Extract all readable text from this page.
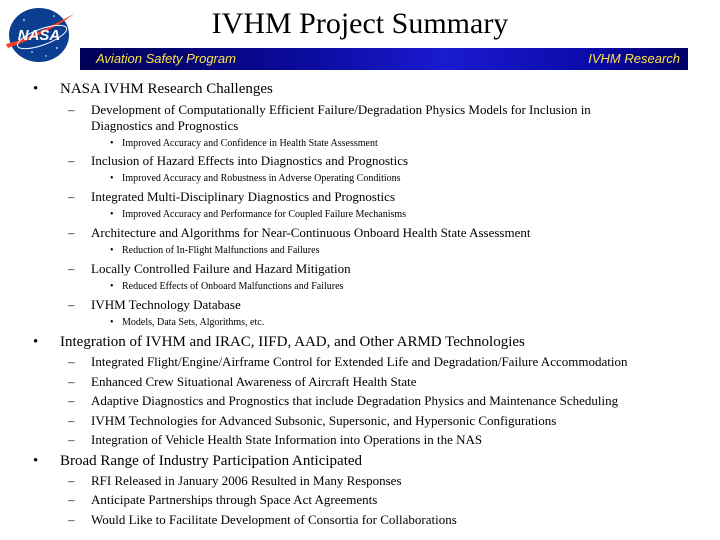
NASA	IVHM Project Summary
Aviation Safety Program	IVHM Research
• NASA IVHM Research Challenges
– Development of Computationally Efficient Failure/Degradation Physics Models for Inclusion in
Diagnostics and Prognostics
• Improved Accuracy and Confidence in Health State Assessment
– Inclusion of Hazard Effects into Diagnostics and Prognostics
• Improved Accuracy and Robustness in Adverse Operating Conditions
– Integrated Multi-Disciplinary Diagnostics and Prognostics
• Improved Accuracy and Performance for Coupled Failure Mechanisms
– Architecture and Algorithms for Near-Continuous Onboard Health State Assessment
• Reduction of In-Flight Malfunctions and Failures
– Locally Controlled Failure and Hazard Mitigation
• Reduced Effects of Onboard Malfunctions and Failures
– IVHM Technology Database
• Models, Data Sets, Algorithms, etc.
• Integration of IVHM and IRAC, IIFD, AAD, and Other ARMD Technologies
– Integrated Flight/Engine/Airframe Control for Extended Life and Degradation/Failure Accommodation
– Enhanced Crew Situational Awareness of Aircraft Health State
– Adaptive Diagnostics and Prognostics that include Degradation Physics and Maintenance Scheduling
– IVHM Technologies for Advanced Subsonic, Supersonic, and Hypersonic Configurations
– Integration of Vehicle Health State Information into Operations in the NAS
• Broad Range of Industry Participation Anticipated
– RFI Released in January 2006 Resulted in Many Responses
– Anticipate Partnerships through Space Act Agreements
– Would Like to Facilitate Development of Consortia for Collaborations
